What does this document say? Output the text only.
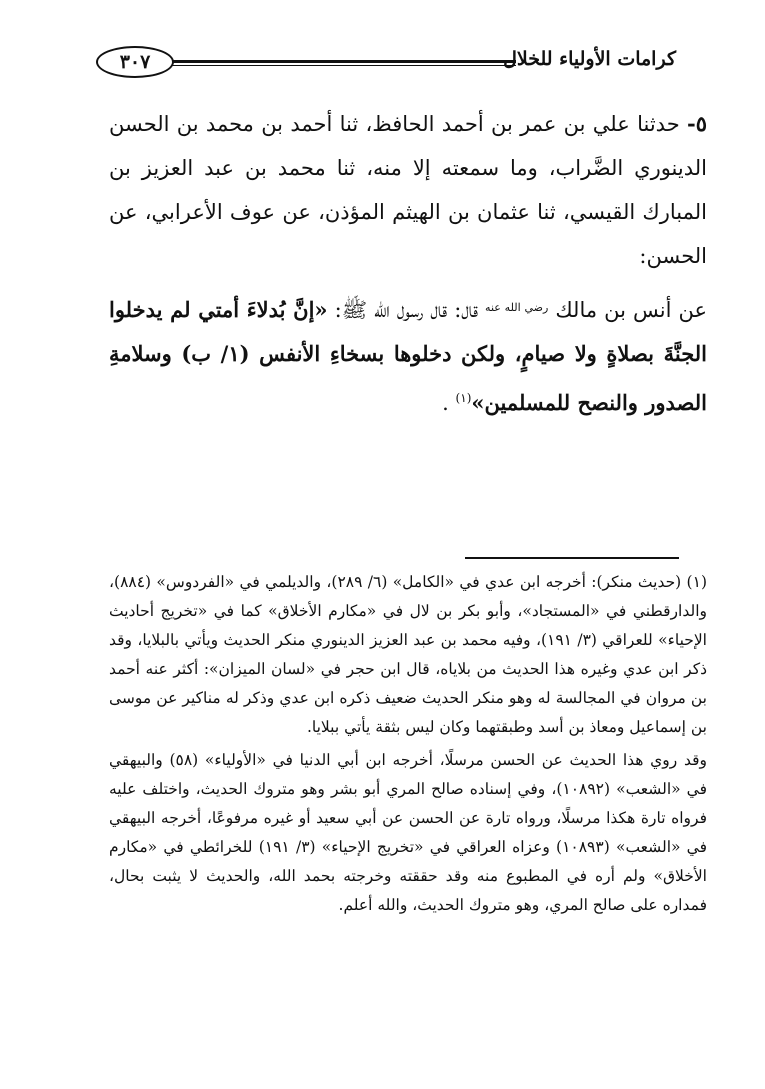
كرامات الأولياء للخلال
٣٠٧

٥- حدثنا علي بن عمر بن أحمد الحافظ، ثنا أحمد بن محمد بن الحسن الدينوري الضَّراب، وما سمعته إلا منه، ثنا محمد بن عبد العزيز بن المبارك القيسي، ثنا عثمان بن الهيثم المؤذن، عن عوف الأعرابي، عن الحسن:

عن أنس بن مالك $^{رضي الله عنه}$ قال: قال رسول الله ﷺ: «إنَّ بُدلاءَ أمتي لم يدخلوا الجنَّةَ بصلاةٍ ولا صيامٍ، ولكن دخلوها بسخاءِ الأنفس (١/ ب) وسلامةِ الصدور والنصح للمسلمين»$^{(١)}$ .

(١) (حديث منكر): أخرجه ابن عدي في «الكامل» (٦/ ٢٨٩)، والديلمي في «الفردوس» (٨٨٤)، والدارقطني في «المستجاد»، وأبو بكر بن لال في «مكارم الأخلاق» كما في «تخريج أحاديث الإحياء» للعراقي (٣/ ١٩١)، وفيه محمد بن عبد العزيز الدينوري منكر الحديث ويأتي بالبلايا، وقد ذكر ابن عدي وغيره هذا الحديث من بلاياه، قال ابن حجر في «لسان الميزان»: أكثر عنه أحمد بن مروان في المجالسة له وهو منكر الحديث ضعيف ذكره ابن عدي وذكر له مناكير عن موسى بن إسماعيل ومعاذ بن أسد وطبقتهما وكان ليس بثقة يأتي ببلايا.

وقد روي هذا الحديث عن الحسن مرسلًا، أخرجه ابن أبي الدنيا في «الأولياء» (٥٨) والبيهقي في «الشعب» (١٠٨٩٢)، وفي إسناده صالح المري أبو بشر وهو متروك الحديث، واختلف عليه فرواه تارة هكذا مرسلًا، ورواه تارة عن الحسن عن أبي سعيد أو غيره مرفوعًا، أخرجه البيهقي في «الشعب» (١٠٨٩٣) وعزاه العراقي في «تخريج الإحياء» (٣/ ١٩١) للخرائطي في «مكارم الأخلاق» ولم أره في المطبوع منه وقد حققته وخرجته بحمد الله، والحديث لا يثبت بحال، فمداره على صالح المري، وهو متروك الحديث، والله أعلم.
